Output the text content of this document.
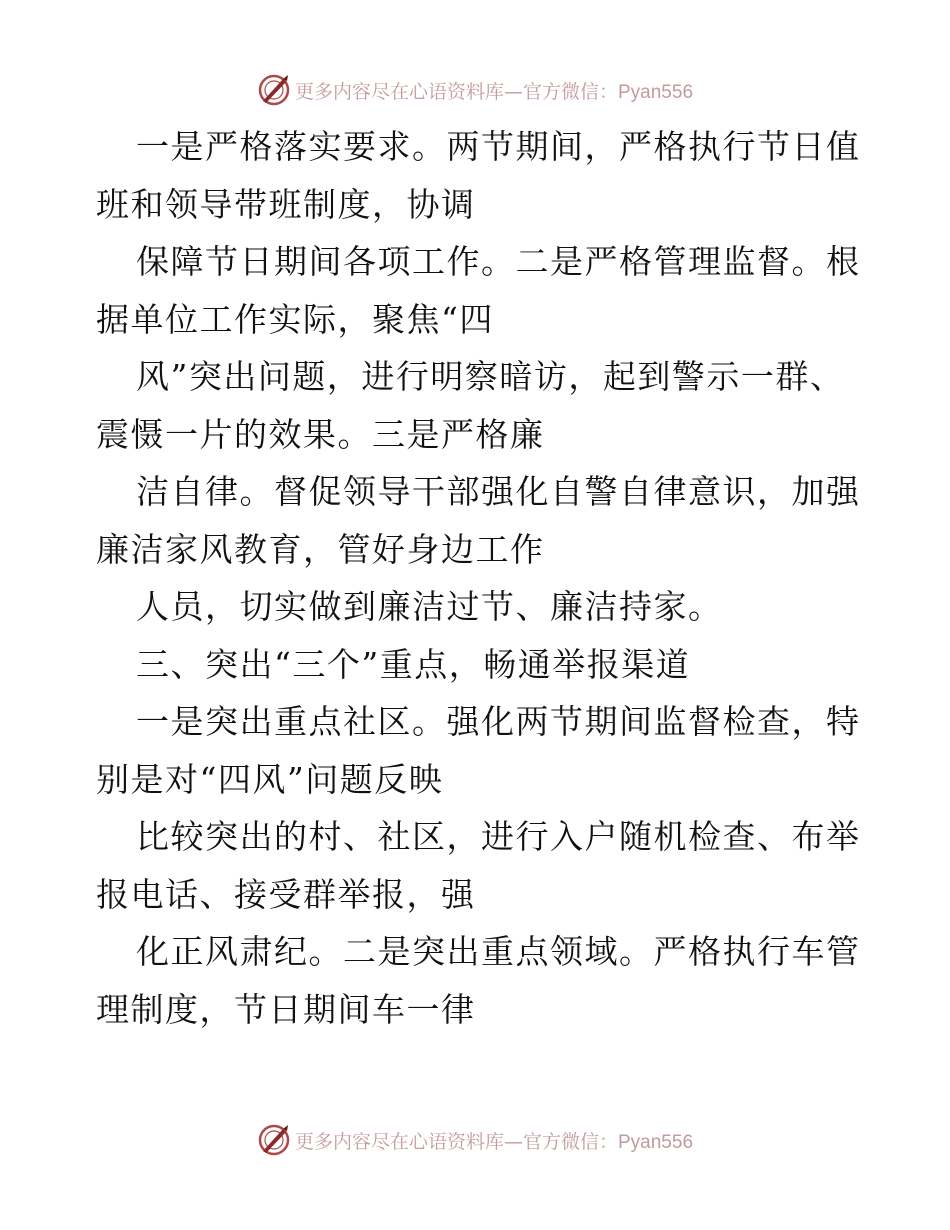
更多内容尽在心语资料库—官方微信：Pyan556
一是严格落实要求。两节期间，严格执行节日值
班和领导带班制度，协调
保障节日期间各项工作。二是严格管理监督。根
据单位工作实际，聚焦“四
风”突出问题，进行明察暗访，起到警示一群、
震慑一片的效果。三是严格廉
洁自律。督促领导干部强化自警自律意识，加强
廉洁家风教育，管好身边工作
人员，切实做到廉洁过节、廉洁持家。
三、突出“三个”重点，畅通举报渠道
一是突出重点社区。强化两节期间监督检查，特
别是对“四风”问题反映
比较突出的村、社区，进行入户随机检查、布举
报电话、接受群举报，强
化正风肃纪。二是突出重点领域。严格执行车管
理制度，节日期间车一律
更多内容尽在心语资料库—官方微信：Pyan556
